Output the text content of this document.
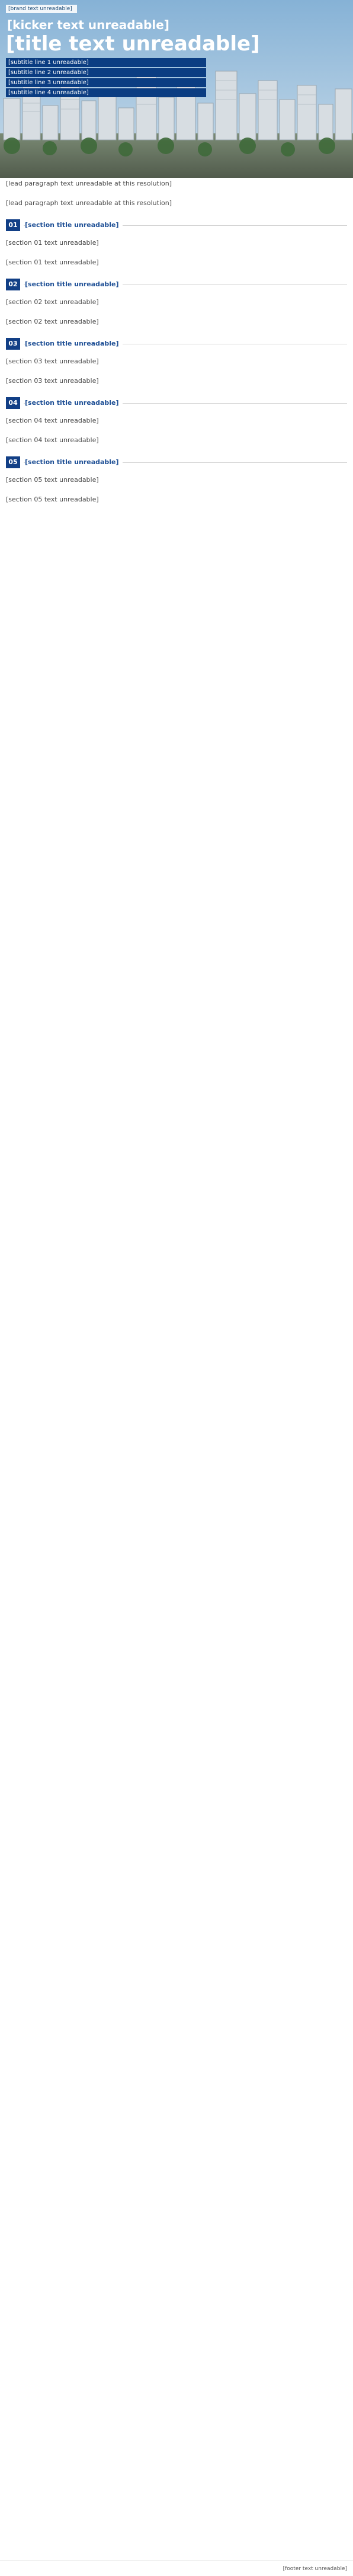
[brand text unreadable]
[kicker text unreadable]
[title text unreadable]
[subtitle line 1 unreadable]
[subtitle line 2 unreadable]
[subtitle line 3 unreadable]
[subtitle line 4 unreadable]

[lead paragraph text unreadable at this resolution]

[lead paragraph text unreadable at this resolution]

01	[section title unreadable]

[section 01 text unreadable]

[section 01 text unreadable]

02	[section title unreadable]

[section 02 text unreadable]

[section 02 text unreadable]

03	[section title unreadable]

[section 03 text unreadable]

[section 03 text unreadable]

04	[section title unreadable]

[section 04 text unreadable]

[section 04 text unreadable]

05	[section title unreadable]

[section 05 text unreadable]

[section 05 text unreadable]

[footer text unreadable]
